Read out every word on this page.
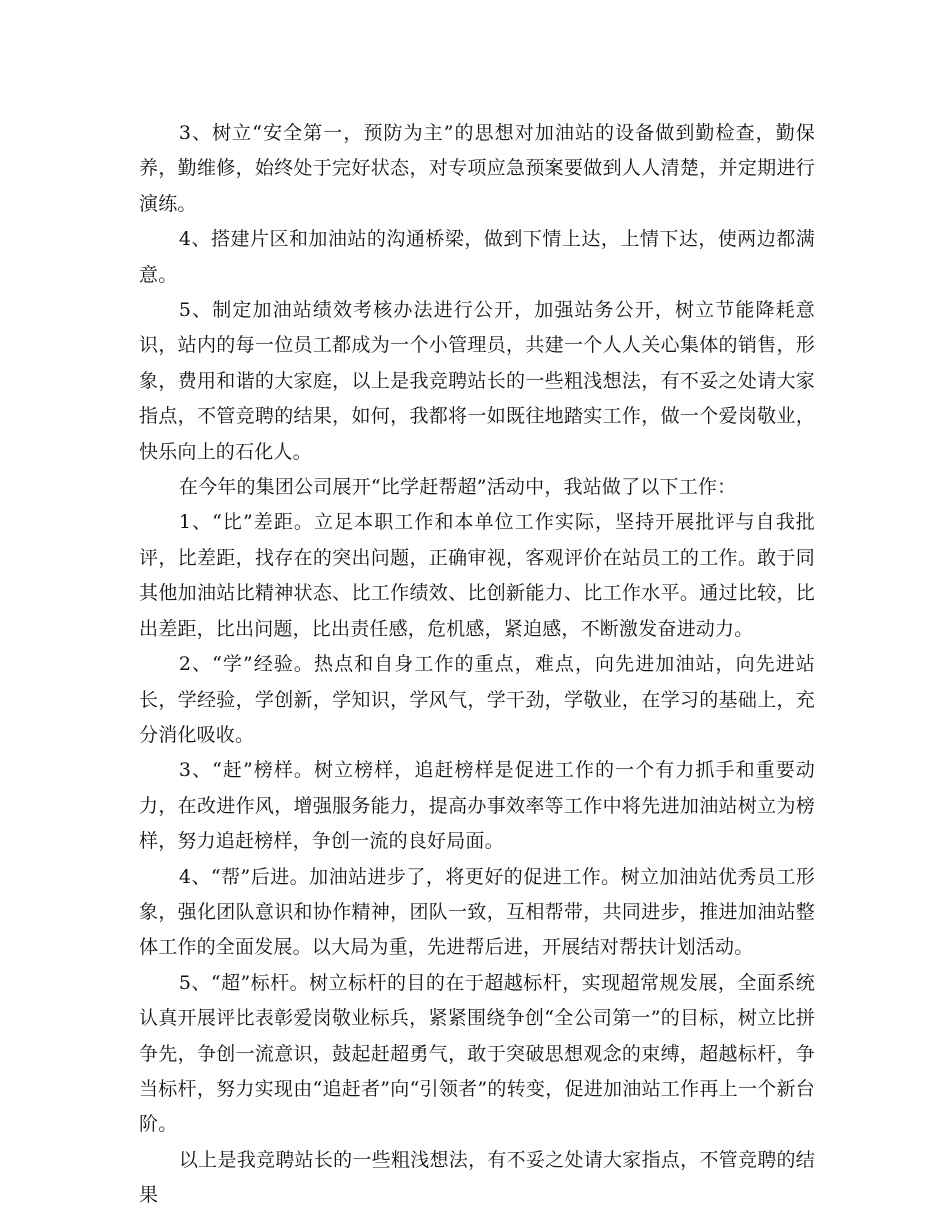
3、树立“安全第一，预防为主”的思想对加油站的设备做到勤检查，勤保养，勤维修，始终处于完好状态，对专项应急预案要做到人人清楚，并定期进行演练。

4、搭建片区和加油站的沟通桥梁，做到下情上达，上情下达，使两边都满意。

5、制定加油站绩效考核办法进行公开，加强站务公开，树立节能降耗意识，站内的每一位员工都成为一个小管理员，共建一个人人关心集体的销售，形象，费用和谐的大家庭，以上是我竞聘站长的一些粗浅想法，有不妥之处请大家指点，不管竞聘的结果，如何，我都将一如既往地踏实工作，做一个爱岗敬业，快乐向上的石化人。

在今年的集团公司展开“比学赶帮超”活动中，我站做了以下工作：

1、“比”差距。立足本职工作和本单位工作实际，坚持开展批评与自我批评，比差距，找存在的突出问题，正确审视，客观评价在站员工的工作。敢于同其他加油站比精神状态、比工作绩效、比创新能力、比工作水平。通过比较，比出差距，比出问题，比出责任感，危机感，紧迫感，不断激发奋进动力。

2、“学”经验。热点和自身工作的重点，难点，向先进加油站，向先进站长，学经验，学创新，学知识，学风气，学干劲，学敬业，在学习的基础上，充分消化吸收。

3、“赶”榜样。树立榜样，追赶榜样是促进工作的一个有力抓手和重要动力，在改进作风，增强服务能力，提高办事效率等工作中将先进加油站树立为榜样，努力追赶榜样，争创一流的良好局面。

4、“帮”后进。加油站进步了，将更好的促进工作。树立加油站优秀员工形象，强化团队意识和协作精神，团队一致，互相帮带，共同进步，推进加油站整体工作的全面发展。以大局为重，先进帮后进，开展结对帮扶计划活动。

5、“超”标杆。树立标杆的目的在于超越标杆，实现超常规发展，全面系统认真开展评比表彰爱岗敬业标兵，紧紧围绕争创“全公司第一”的目标，树立比拼争先，争创一流意识，鼓起赶超勇气，敢于突破思想观念的束缚，超越标杆，争当标杆，努力实现由“追赶者”向“引领者”的转变，促进加油站工作再上一个新台阶。

以上是我竞聘站长的一些粗浅想法，有不妥之处请大家指点，不管竞聘的结果
